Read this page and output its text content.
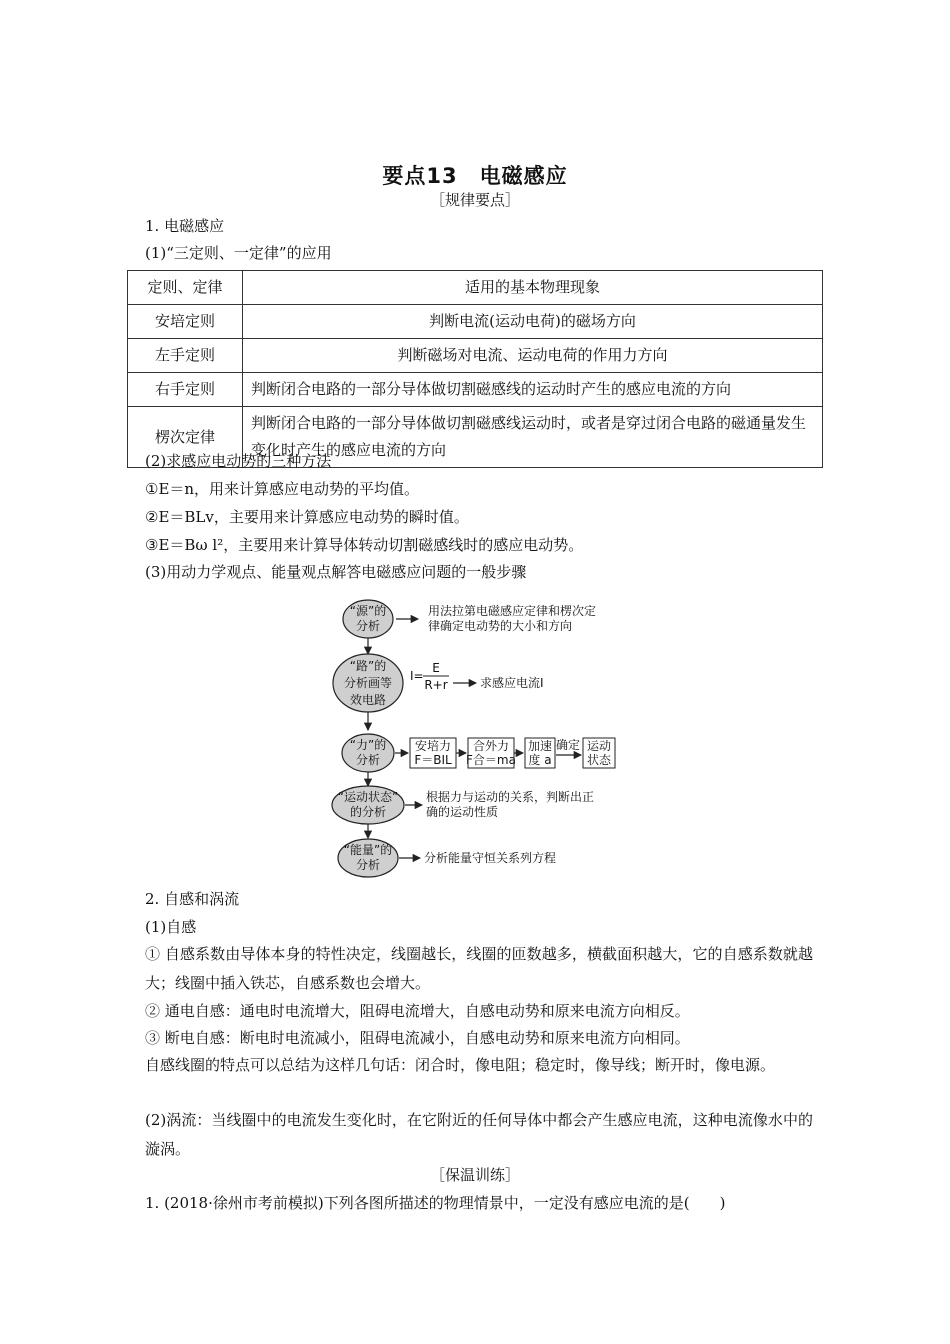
要点13　电磁感应
［规律要点］
1. 电磁感应
(1)“三定则、一定律”的应用
定则、定律	适用的基本物理现象
安培定则	判断电流(运动电荷)的磁场方向
左手定则	判断磁场对电流、运动电荷的作用力方向
右手定则	判断闭合电路的一部分导体做切割磁感线的运动时产生的感应电流的方向
楞次定律	判断闭合电路的一部分导体做切割磁感线运动时，或者是穿过闭合电路的磁通量发生变化时产生的感应电流的方向
(2)求感应电动势的三种方法
①E＝n，用来计算感应电动势的平均值。
②E＝BLv，主要用来计算感应电动势的瞬时值。
③E＝Bω l²，主要用来计算导体转动切割磁感线时的感应电动势。
(3)用动力学观点、能量观点解答电磁感应问题的一般步骤
“源”的
分析
用法拉第电磁感应定律和楞次定
律确定电动势的大小和方向
“路”的
分析画等
效电路
I=
E
R+r	求感应电流I
“力”的
分析
安培力
F＝BIL
合外力
F合＝ma
加速
度 a
确定 运动
状态
“运动状态”
的分析
根据力与运动的关系，判断出正
确的运动性质
“能量”的
分析	分析能量守恒关系列方程
2. 自感和涡流
(1)自感
① 自感系数由导体本身的特性决定，线圈越长，线圈的匝数越多，横截面积越大，它的自感系数就越大；线圈中插入铁芯，自感系数也会增大。
② 通电自感：通电时电流增大，阻碍电流增大，自感电动势和原来电流方向相反。
③ 断电自感：断电时电流减小，阻碍电流减小，自感电动势和原来电流方向相同。
自感线圈的特点可以总结为这样几句话：闭合时，像电阻；稳定时，像导线；断开时，像电源。
(2)涡流：当线圈中的电流发生变化时，在它附近的任何导体中都会产生感应电流，这种电流像水中的漩涡。
［保温训练］
1. (2018·徐州市考前模拟)下列各图所描述的物理情景中，一定没有感应电流的是(　　)
